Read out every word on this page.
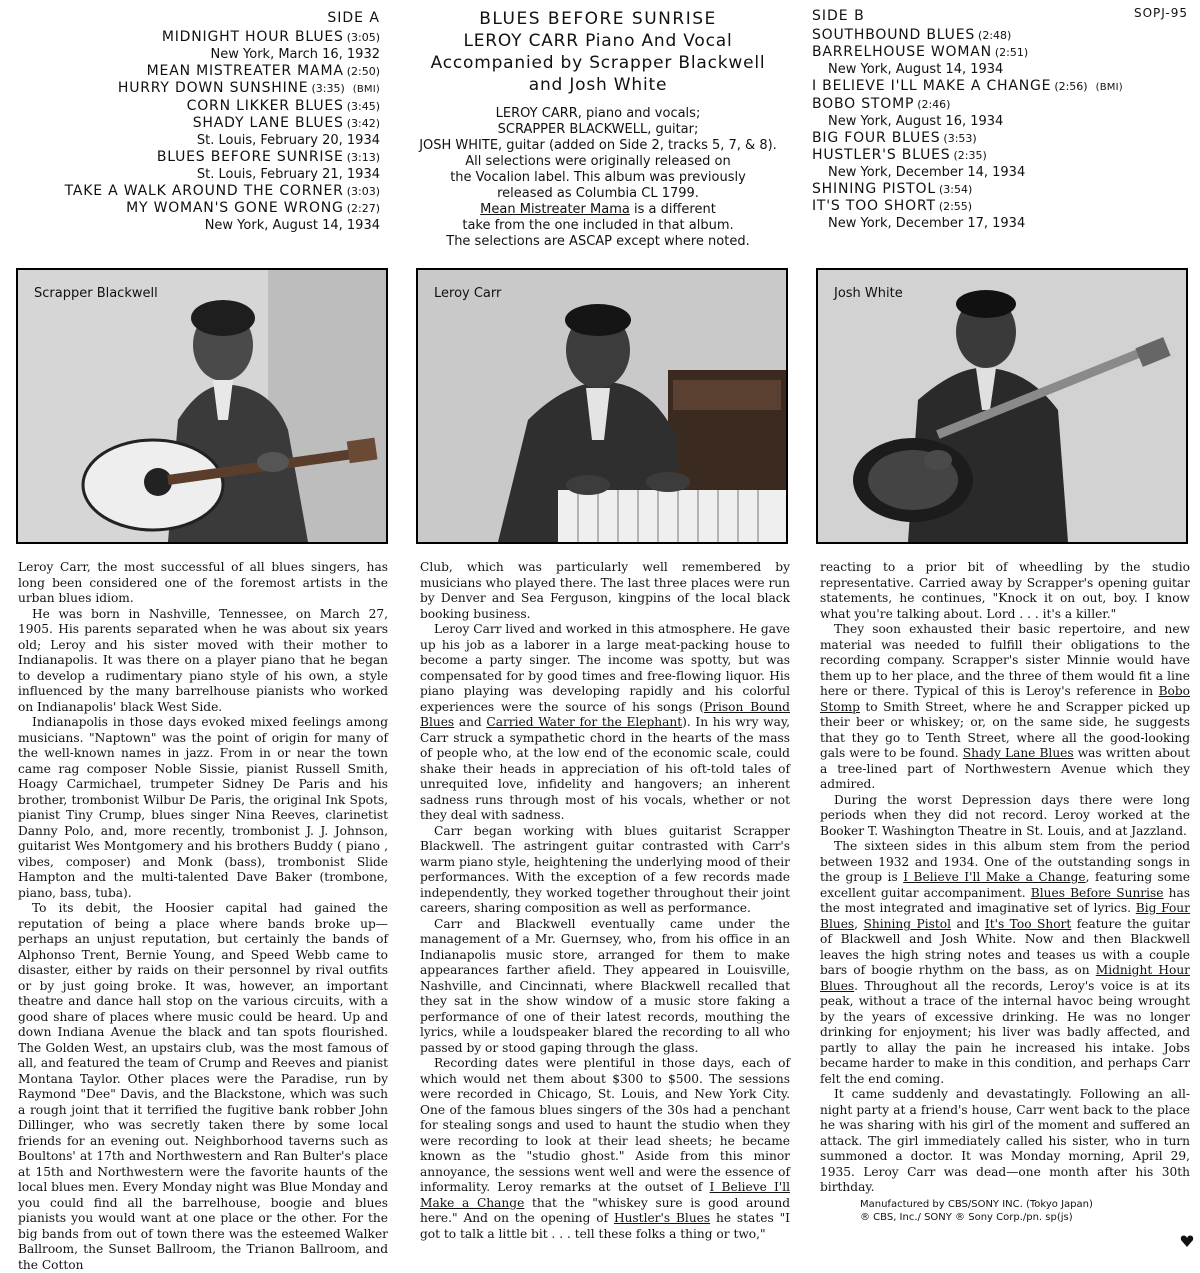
SOPJ-95
SIDE A
MIDNIGHT HOUR BLUES (3:05)
New York, March 16, 1932
MEAN MISTREATER MAMA (2:50)
HURRY DOWN SUNSHINE (3:35) (BMI)
CORN LIKKER BLUES (3:45)
SHADY LANE BLUES (3:42)
St. Louis, February 20, 1934
BLUES BEFORE SUNRISE (3:13)
St. Louis, February 21, 1934
TAKE A WALK AROUND THE CORNER (3:03)
MY WOMAN'S GONE WRONG (2:27)
New York, August 14, 1934
BLUES BEFORE SUNRISE
LEROY CARR Piano And Vocal
Accompanied by Scrapper Blackwell
and Josh White
LEROY CARR, piano and vocals;
SCRAPPER BLACKWELL, guitar;
JOSH WHITE, guitar (added on Side 2, tracks 5, 7, & 8).
All selections were originally released on
the Vocalion label. This album was previously
released as Columbia CL 1799.
Mean Mistreater Mama is a different
take from the one included in that album.
The selections are ASCAP except where noted.
SIDE B
SOUTHBOUND BLUES (2:48)
BARRELHOUSE WOMAN (2:51)
New York, August 14, 1934
I BELIEVE I'LL MAKE A CHANGE (2:56) (BMI)
BOBO STOMP (2:46)
New York, August 16, 1934
BIG FOUR BLUES (3:53)
HUSTLER'S BLUES (2:35)
New York, December 14, 1934
SHINING PISTOL (3:54)
IT'S TOO SHORT (2:55)
New York, December 17, 1934
Scrapper Blackwell	Leroy Carr	Josh White

Leroy Carr, the most successful of all blues singers, has long been considered one of the foremost artists in the urban blues idiom.

He was born in Nashville, Tennessee, on March 27, 1905. His parents separated when he was about six years old; Leroy and his sister moved with their mother to Indianapolis. It was there on a player piano that he began to develop a rudimentary piano style of his own, a style influenced by the many barrelhouse pianists who worked on Indianapolis' black West Side.

Indianapolis in those days evoked mixed feelings among musicians. "Naptown" was the point of origin for many of the well-known names in jazz. From in or near the town came rag composer Noble Sissie, pianist Russell Smith, Hoagy Carmichael, trumpeter Sidney De Paris and his brother, trombonist Wilbur De Paris, the original Ink Spots, pianist Tiny Crump, blues singer Nina Reeves, clarinetist Danny Polo, and, more recently, trombonist J. J. Johnson, guitarist Wes Montgomery and his brothers Buddy ( piano , vibes, composer) and Monk (bass), trombonist Slide Hampton and the multi-talented Dave Baker (trombone, piano, bass, tuba).

To its debit, the Hoosier capital had gained the reputation of being a place where bands broke up—perhaps an unjust reputation, but certainly the bands of Alphonso Trent, Bernie Young, and Speed Webb came to disaster, either by raids on their personnel by rival outfits or by just going broke. It was, however, an important theatre and dance hall stop on the various circuits, with a good share of places where music could be heard. Up and down Indiana Avenue the black and tan spots flourished. The Golden West, an upstairs club, was the most famous of all, and featured the team of Crump and Reeves and pianist Montana Taylor. Other places were the Paradise, run by Raymond "Dee" Davis, and the Blackstone, which was such a rough joint that it terrified the fugitive bank robber John Dillinger, who was secretly taken there by some local friends for an evening out. Neighborhood taverns such as Boultons' at 17th and Northwestern and Ran Bulter's place at 15th and Northwestern were the favorite haunts of the local blues men. Every Monday night was Blue Monday and you could find all the barrelhouse, boogie and blues pianists you would want at one place or the other. For the big bands from out of town there was the esteemed Walker Ballroom, the Sunset Ballroom, the Trianon Ballroom, and the Cotton

Club, which was particularly well remembered by musicians who played there. The last three places were run by Denver and Sea Ferguson, kingpins of the local black booking business.

Leroy Carr lived and worked in this atmosphere. He gave up his job as a laborer in a large meat-packing house to become a party singer. The income was spotty, but was compensated for by good times and free-flowing liquor. His piano playing was developing rapidly and his colorful experiences were the source of his songs (Prison Bound Blues and Carried Water for the Elephant). In his wry way, Carr struck a sympathetic chord in the hearts of the mass of people who, at the low end of the economic scale, could shake their heads in appreciation of his oft-told tales of unrequited love, infidelity and hangovers; an inherent sadness runs through most of his vocals, whether or not they deal with sadness.

Carr began working with blues guitarist Scrapper Blackwell. The astringent guitar contrasted with Carr's warm piano style, heightening the underlying mood of their performances. With the exception of a few records made independently, they worked together throughout their joint careers, sharing composition as well as performance.

Carr and Blackwell eventually came under the management of a Mr. Guernsey, who, from his office in an Indianapolis music store, arranged for them to make appearances farther afield. They appeared in Louisville, Nashville, and Cincinnati, where Blackwell recalled that they sat in the show window of a music store faking a performance of one of their latest records, mouthing the lyrics, while a loudspeaker blared the recording to all who passed by or stood gaping through the glass.

Recording dates were plentiful in those days, each of which would net them about $300 to $500. The sessions were recorded in Chicago, St. Louis, and New York City. One of the famous blues singers of the 30s had a penchant for stealing songs and used to haunt the studio when they were recording to look at their lead sheets; he became known as the "studio ghost." Aside from this minor annoyance, the sessions went well and were the essence of informality. Leroy remarks at the outset of I Believe I'll Make a Change that the "whiskey sure is good around here." And on the opening of Hustler's Blues he states "I got to talk a little bit . . . tell these folks a thing or two,"

reacting to a prior bit of wheedling by the studio representative. Carried away by Scrapper's opening guitar statements, he continues, "Knock it on out, boy. I know what you're talking about. Lord . . . it's a killer."

They soon exhausted their basic repertoire, and new material was needed to fulfill their obligations to the recording company. Scrapper's sister Minnie would have them up to her place, and the three of them would fit a line here or there. Typical of this is Leroy's reference in Bobo Stomp to Smith Street, where he and Scrapper picked up their beer or whiskey; or, on the same side, he suggests that they go to Tenth Street, where all the good-looking gals were to be found. Shady Lane Blues was written about a tree-lined part of Northwestern Avenue which they admired.

During the worst Depression days there were long periods when they did not record. Leroy worked at the Booker T. Washington Theatre in St. Louis, and at Jazzland.

The sixteen sides in this album stem from the period between 1932 and 1934. One of the outstanding songs in the group is I Believe I'll Make a Change, featuring some excellent guitar accompaniment. Blues Before Sunrise has the most integrated and imaginative set of lyrics. Big Four Blues, Shining Pistol and It's Too Short feature the guitar of Blackwell and Josh White. Now and then Blackwell leaves the high string notes and teases us with a couple bars of boogie rhythm on the bass, as on Midnight Hour Blues. Throughout all the records, Leroy's voice is at its peak, without a trace of the internal havoc being wrought by the years of excessive drinking. He was no longer drinking for enjoyment; his liver was badly affected, and partly to allay the pain he increased his intake. Jobs became harder to make in this condition, and perhaps Carr felt the end coming.

It came suddenly and devastatingly. Following an all-night party at a friend's house, Carr went back to the place he was sharing with his girl of the moment and suffered an attack. The girl immediately called his sister, who in turn summoned a doctor. It was Monday morning, April 29, 1935. Leroy Carr was dead—one month after his 30th birthday.

Manufactured by CBS/SONY INC. (Tokyo Japan)
® CBS, Inc./ SONY ® Sony Corp./pn. sp(js)
